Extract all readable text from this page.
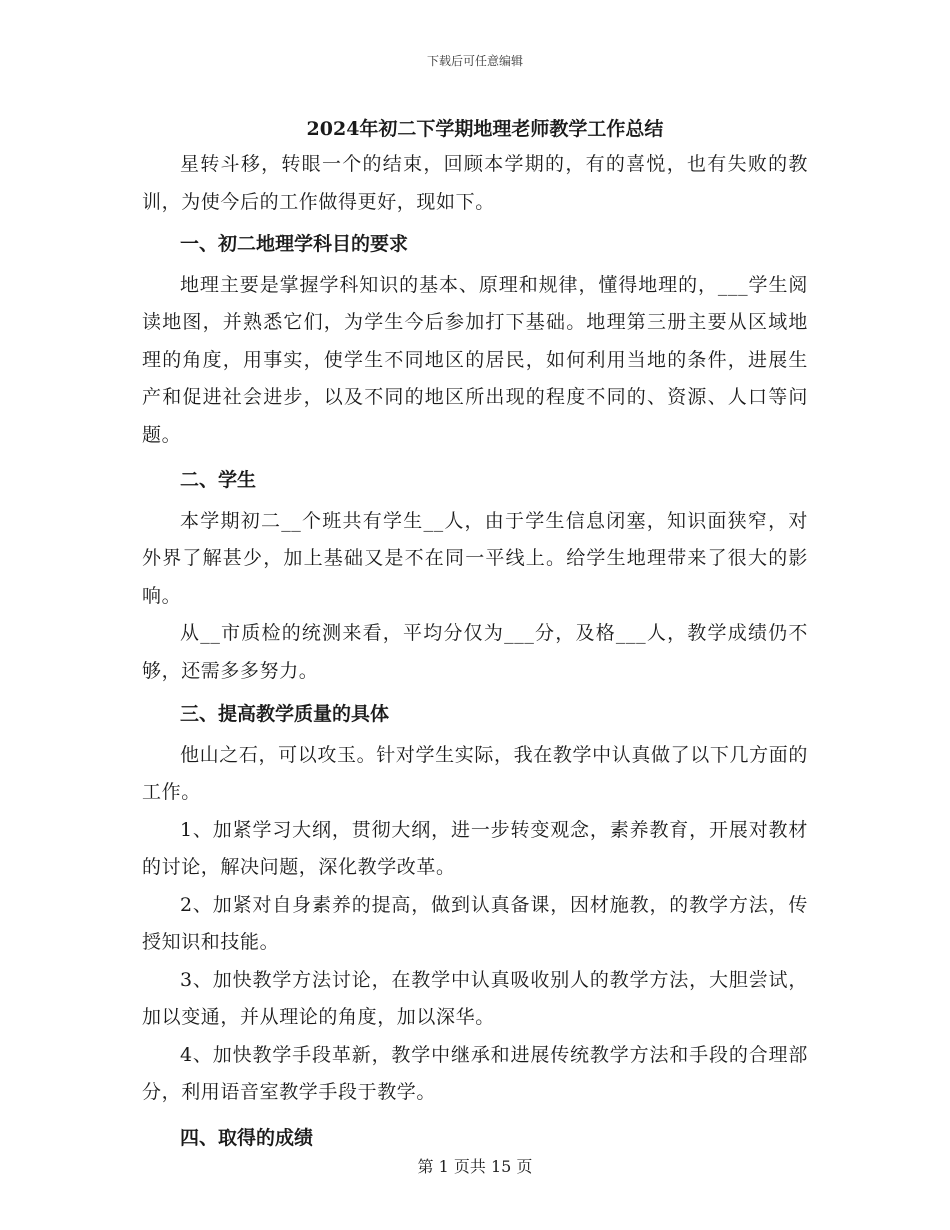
下载后可任意编辑
2024年初二下学期地理老师教学工作总结

星转斗移，转眼一个的结束，回顾本学期的，有的喜悦，也有失败的教训，为使今后的工作做得更好，现如下。

一、初二地理学科目的要求

地理主要是掌握学科知识的基本、原理和规律，懂得地理的，___学生阅读地图，并熟悉它们，为学生今后参加打下基础。地理第三册主要从区域地理的角度，用事实，使学生不同地区的居民，如何利用当地的条件，进展生产和促进社会进步，以及不同的地区所出现的程度不同的、资源、人口等问题。

二、学生

本学期初二__个班共有学生__人，由于学生信息闭塞，知识面狭窄，对外界了解甚少，加上基础又是不在同一平线上。给学生地理带来了很大的影响。

从__市质检的统测来看，平均分仅为___分，及格___人，教学成绩仍不够，还需多多努力。

三、提高教学质量的具体

他山之石，可以攻玉。针对学生实际，我在教学中认真做了以下几方面的工作。

1、加紧学习大纲，贯彻大纲，进一步转变观念，素养教育，开展对教材的讨论，解决问题，深化教学改革。

2、加紧对自身素养的提高，做到认真备课，因材施教，的教学方法，传授知识和技能。

3、加快教学方法讨论，在教学中认真吸收别人的教学方法，大胆尝试，加以变通，并从理论的角度，加以深华。

4、加快教学手段革新，教学中继承和进展传统教学方法和手段的合理部分，利用语音室教学手段于教学。

四、取得的成绩
第 1 页共 15 页
